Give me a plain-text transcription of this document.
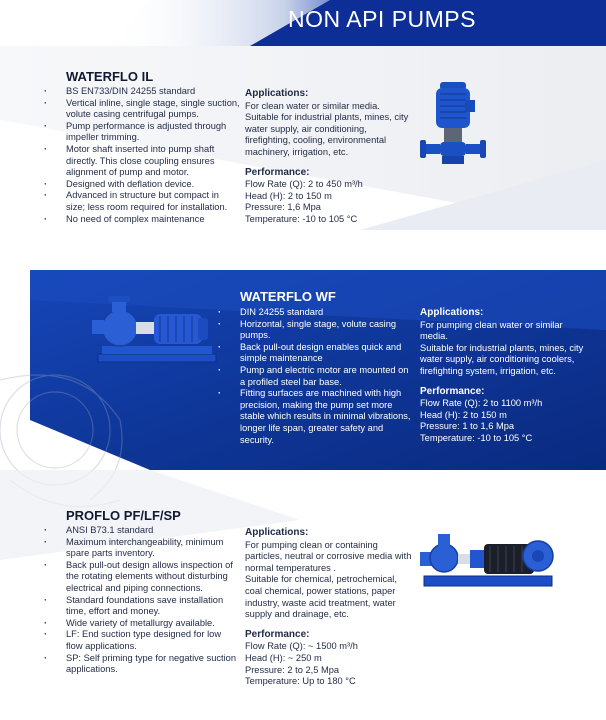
NON API PUMPS
WATERFLO IL
· BS EN733/DIN 24255 standard
· Vertical inline, single stage, single suction,
volute casing centrifugal pumps.
· Pump performance is adjusted through
impeller trimming.
· Motor shaft inserted into pump shaft
directly. This close coupling ensures
alignment of pump and motor.
· Designed with deflation device.
· Advanced in structure but compact in
size; less room required for installation.
· No need of complex maintenance
Applications:
For clean water or similar media.
Suitable for industrial plants, mines, city
water supply, air conditioning,
firefighting, cooling, environmental
machinery, irrigation, etc.
Performance:
Flow Rate (Q): 2 to 450 m³/h
Head (H): 2 to 150 m
Pressure: 1,6 Mpa
Temperature: -10 to 105 °C
WATERFLO WF
· DIN 24255 standard
· Horizontal, single stage, volute casing
pumps.
· Back pull-out design enables quick and
simple maintenance
· Pump and electric motor are mounted on
a profiled steel bar base.
· Fitting surfaces are machined with high
precision, making the pump set more
stable which results in minimal vibrations,
longer life span, greater safety and
security.
Applications:
For pumping clean water or similar
media.
Suitable for industrial plants, mines, city
water supply, air conditioning coolers,
firefighting system, irrigation, etc.
Performance:
Flow Rate (Q): 2 to 1100 m³/h
Head (H): 2 to 150 m
Pressure: 1 to 1,6 Mpa
Temperature: -10 to 105 °C
PROFLO PF/LF/SP
· ANSI B73.1 standard
· Maximum interchangeability, minimum
spare parts inventory.
· Back pull-out design allows inspection of
the rotating elements without disturbing
electrical and piping connections.
· Standard foundations save installation
time, effort and money.
· Wide variety of metallurgy available.
· LF: End suction type designed for low
flow applications.
· SP: Self priming type for negative suction
applications.
Applications:
For pumping clean or containing
particles, neutral or corrosive media with
normal temperatures .
Suitable for chemical, petrochemical,
coal chemical, power stations, paper
industry, waste acid treatment, water
supply and drainage, etc.
Performance:
Flow Rate (Q): ~ 1500 m³/h
Head (H): ~ 250 m
Pressure: 2 to 2,5 Mpa
Temperature: Up to 180 °C
